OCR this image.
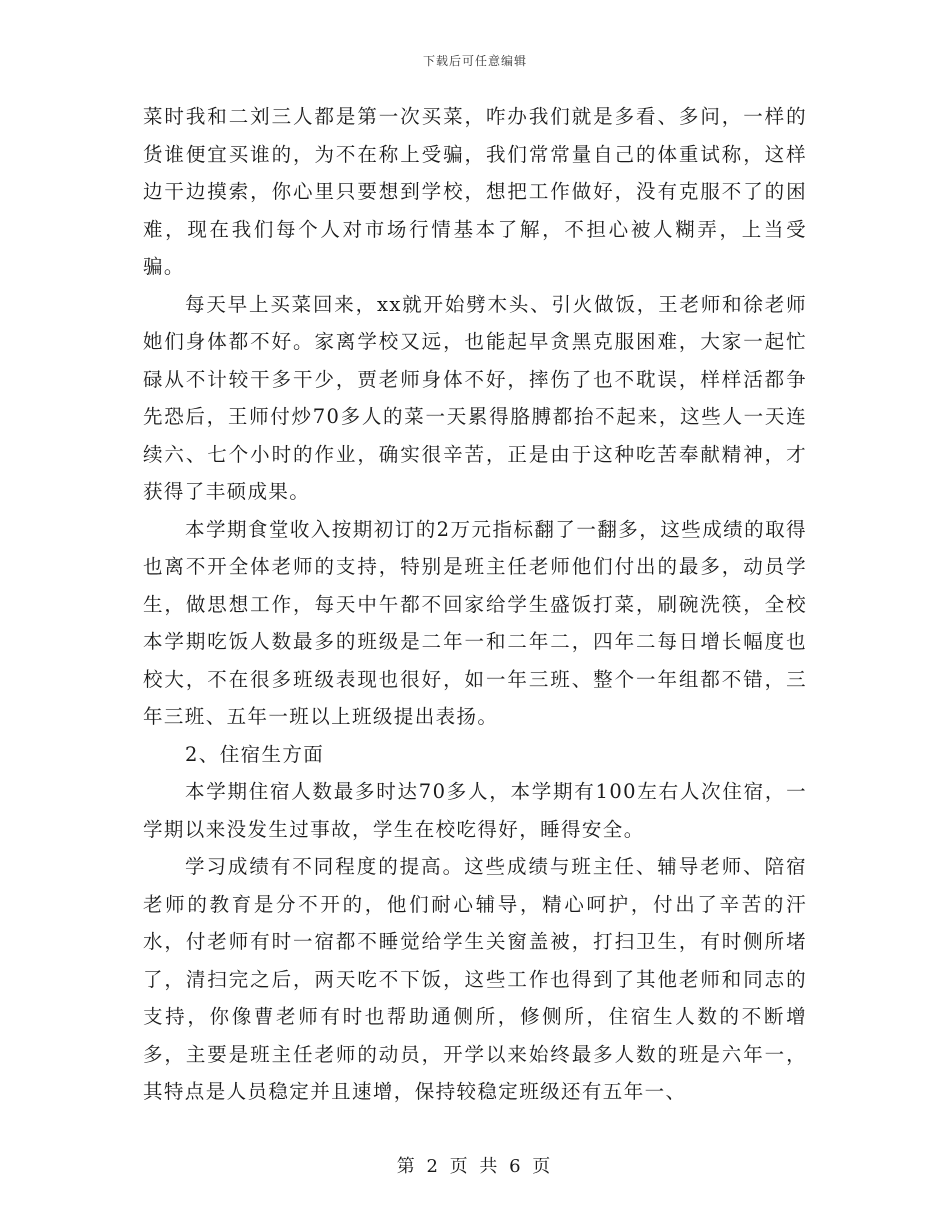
下载后可任意编辑

菜时我和二刘三人都是第一次买菜，咋办我们就是多看、多问，一样的货谁便宜买谁的，为不在称上受骗，我们常常量自己的体重试称，这样边干边摸索，你心里只要想到学校，想把工作做好，没有克服不了的困难，现在我们每个人对市场行情基本了解，不担心被人糊弄，上当受骗。

每天早上买菜回来，xx就开始劈木头、引火做饭，王老师和徐老师她们身体都不好。家离学校又远，也能起早贪黑克服困难，大家一起忙碌从不计较干多干少，贾老师身体不好，摔伤了也不耽误，样样活都争先恐后，王师付炒70多人的菜一天累得胳膊都抬不起来，这些人一天连续六、七个小时的作业，确实很辛苦，正是由于这种吃苦奉献精神，才获得了丰硕成果。

本学期食堂收入按期初订的2万元指标翻了一翻多，这些成绩的取得也离不开全体老师的支持，特别是班主任老师他们付出的最多，动员学生，做思想工作，每天中午都不回家给学生盛饭打菜，刷碗洗筷，全校本学期吃饭人数最多的班级是二年一和二年二，四年二每日增长幅度也校大，不在很多班级表现也很好，如一年三班、整个一年组都不错，三年三班、五年一班以上班级提出表扬。

2、住宿生方面

本学期住宿人数最多时达70多人，本学期有100左右人次住宿，一学期以来没发生过事故，学生在校吃得好，睡得安全。

学习成绩有不同程度的提高。这些成绩与班主任、辅导老师、陪宿老师的教育是分不开的，他们耐心辅导，精心呵护，付出了辛苦的汗水，付老师有时一宿都不睡觉给学生关窗盖被，打扫卫生，有时侧所堵了，清扫完之后，两天吃不下饭，这些工作也得到了其他老师和同志的支持，你像曹老师有时也帮助通侧所，修侧所，住宿生人数的不断增多，主要是班主任老师的动员，开学以来始终最多人数的班是六年一，其特点是人员稳定并且速增，保持较稳定班级还有五年一、

第 2 页 共 6 页
